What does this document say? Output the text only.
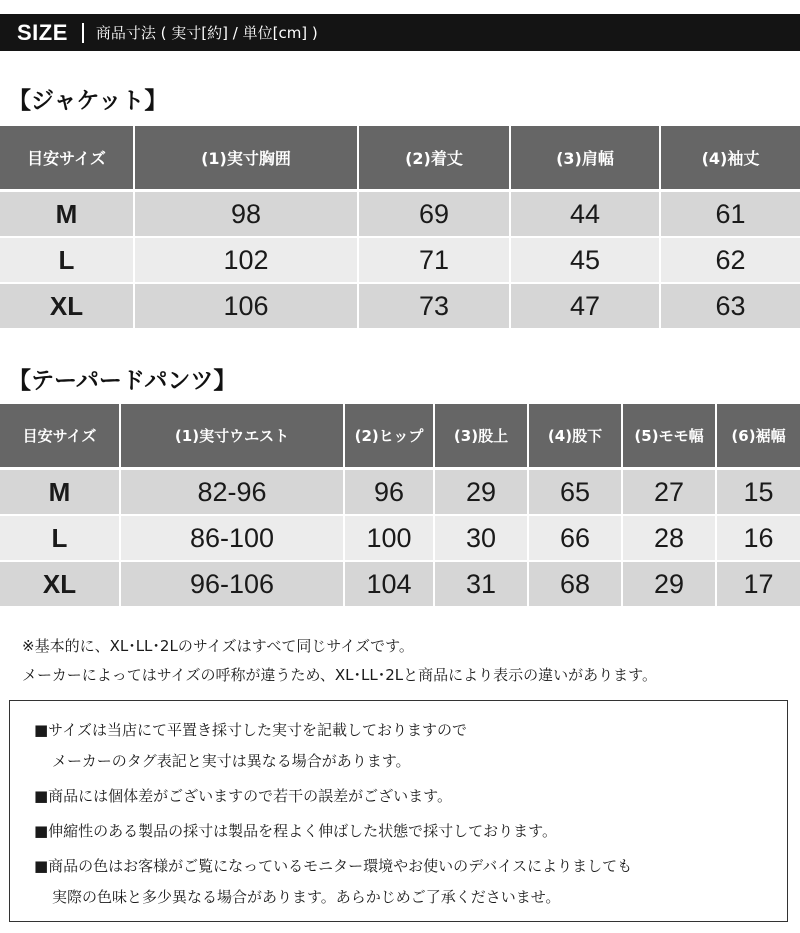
SIZE 商品寸法 ( 実寸[約] / 単位[cm] )
【ジャケット】
目安サイズ	(1)実寸胸囲	(2)着丈	(3)肩幅	(4)袖丈
M	98	69	44	61
L	102	71	45	62
XL	106	73	47	63
【テーパードパンツ】
目安サイズ	(1)実寸ウエスト	(2)ヒップ	(3)股上	(4)股下	(5)モモ幅	(6)裾幅
M	82-96	96	29	65	27	15
L	86-100	100	30	66	28	16
XL	96-106	104	31	68	29	17
※基本的に、XL･LL･2Lのサイズはすべて同じサイズです。
メーカーによってはサイズの呼称が違うため、XL･LL･2Lと商品により表示の違いがあります。
■サイズは当店にて平置き採寸した実寸を記載しておりますので
メーカーのタグ表記と実寸は異なる場合があります。
■商品には個体差がございますので若干の誤差がございます。
■伸縮性のある製品の採寸は製品を程よく伸ばした状態で採寸しております。
■商品の色はお客様がご覧になっているモニター環境やお使いのデバイスによりましても
実際の色味と多少異なる場合があります。あらかじめご了承くださいませ。
